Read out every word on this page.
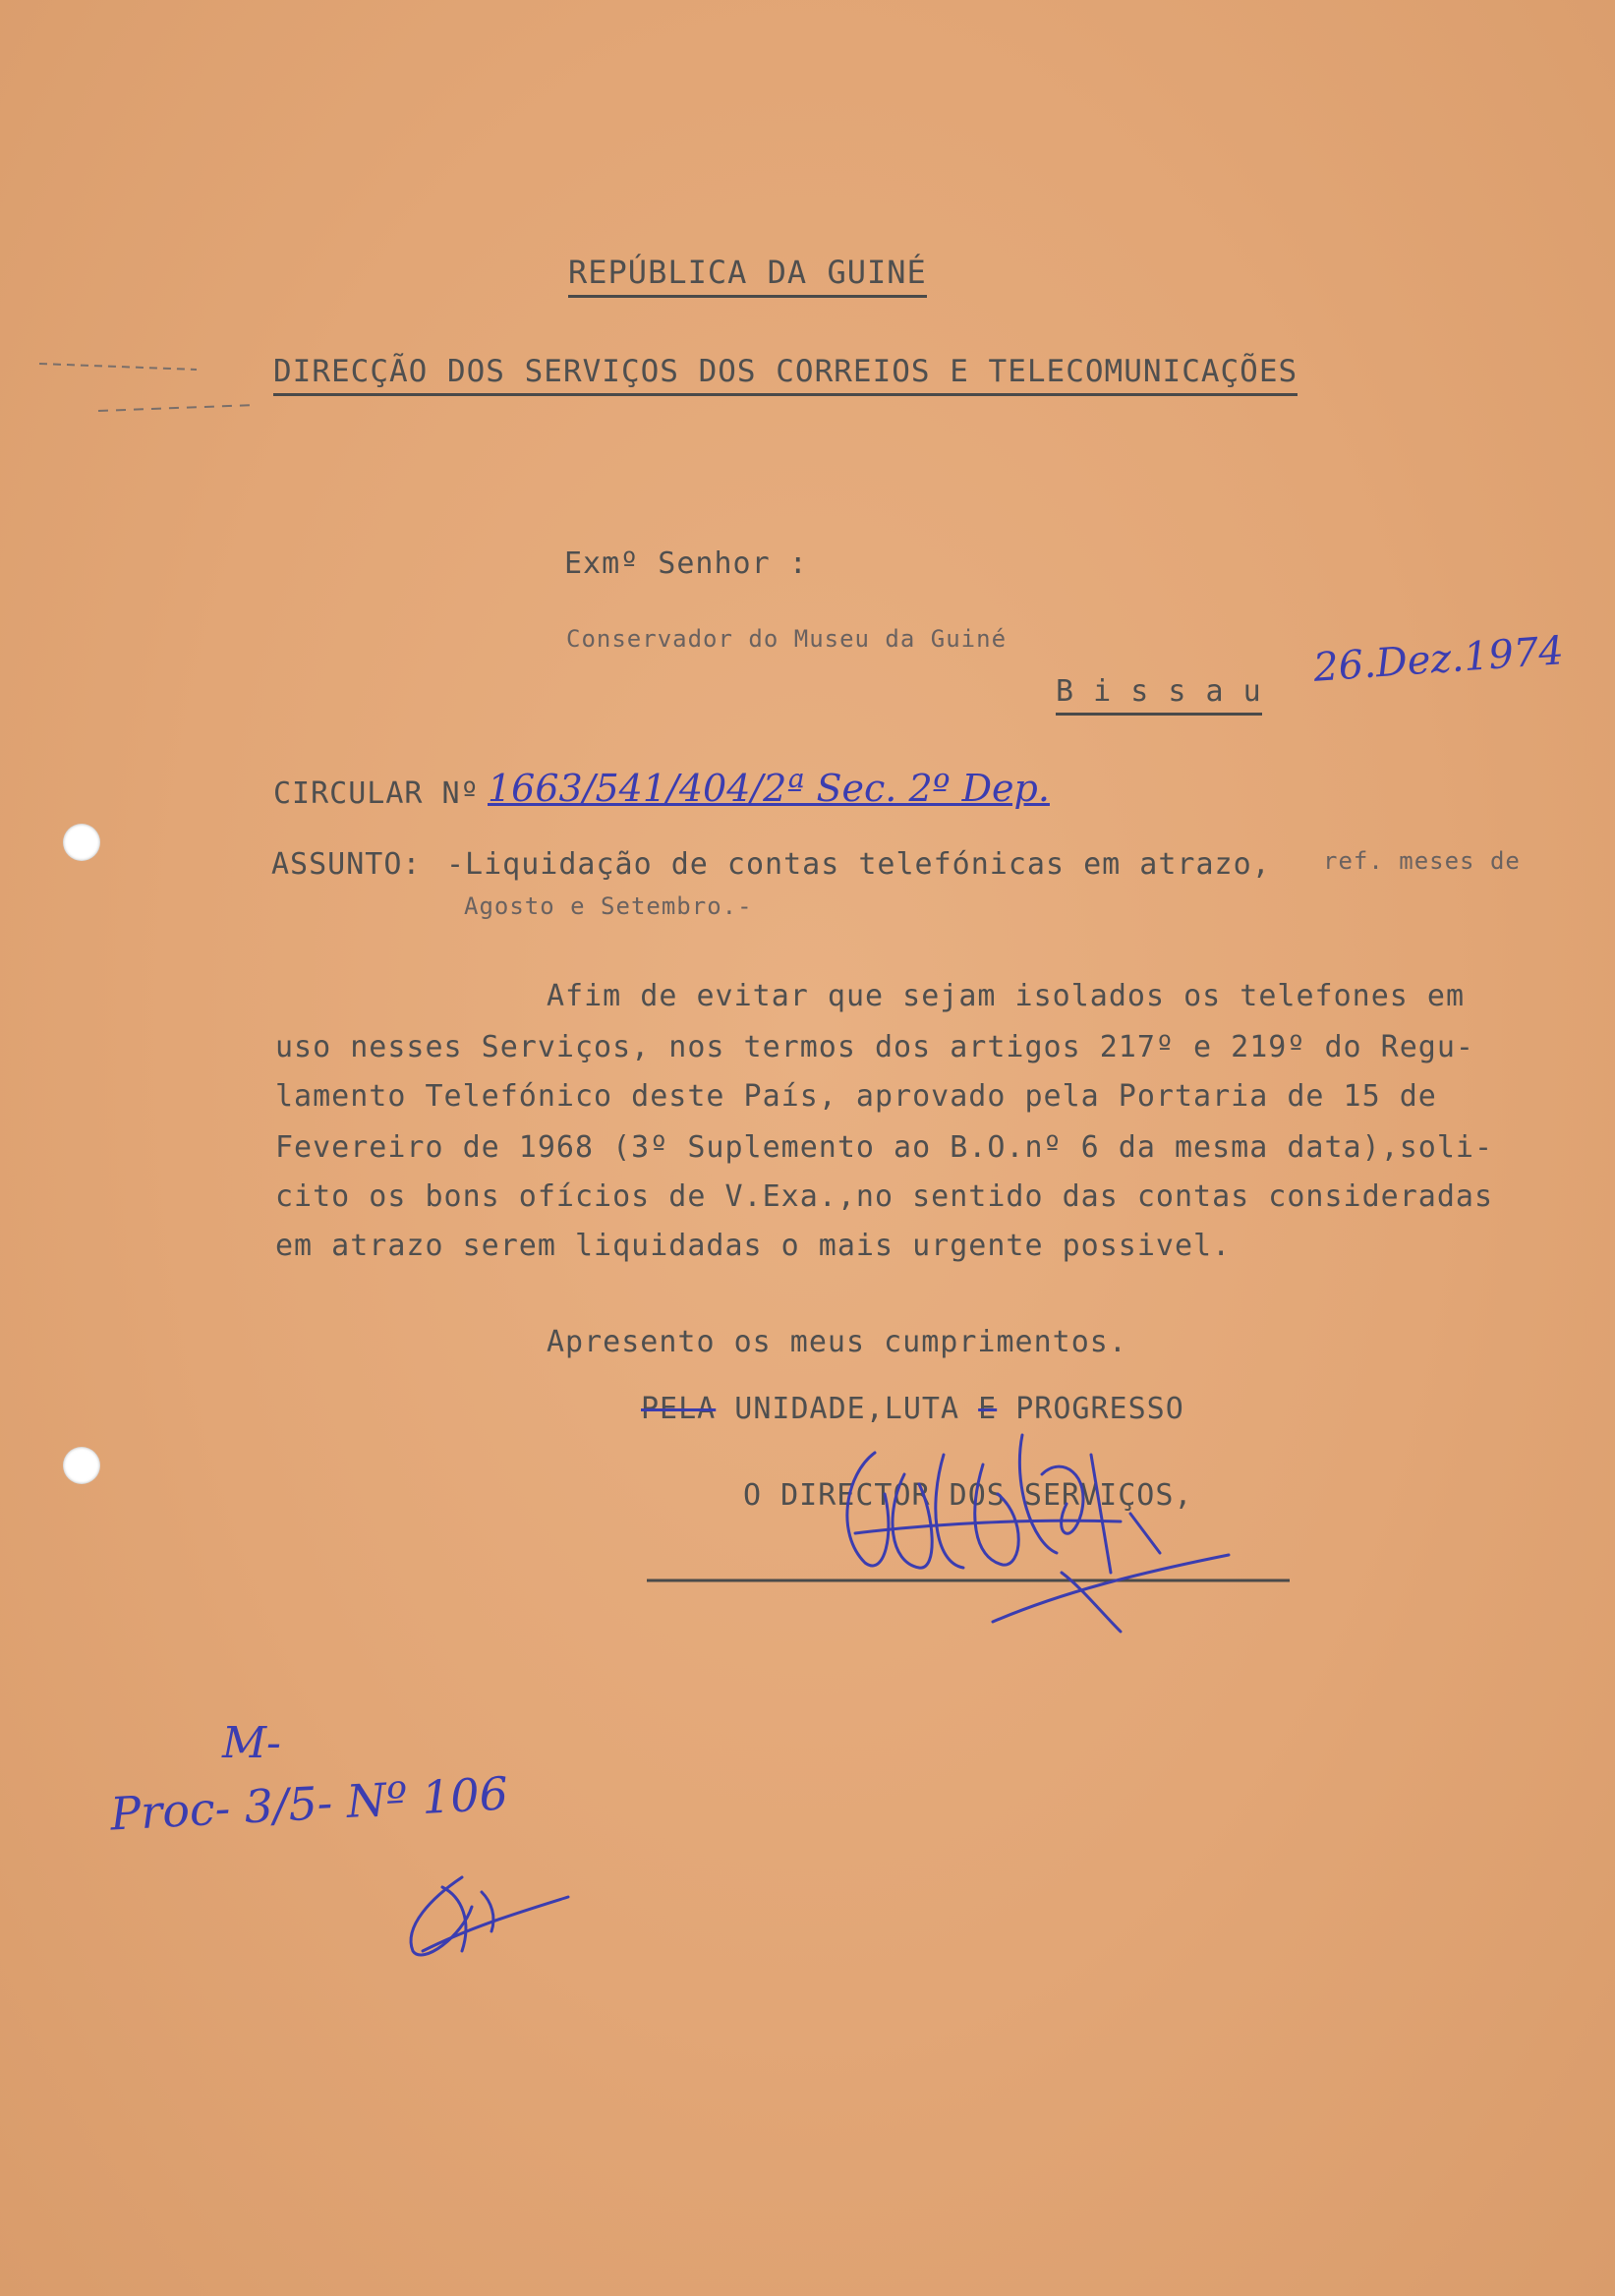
REPÚBLICA DA GUINÉ
DIRECÇÃO DOS SERVIÇOS DOS CORREIOS E TELECOMUNICAÇÕES
Exmº Senhor :
Conservador do Museu da Guiné
B i s s a u
26.Dez.1974
CIRCULAR Nº 1663/541/404/2ª Sec. 2º Dep.
ASSUNTO: -Liquidação de contas telefónicas em atrazo, ref. meses de
Agosto e Setembro.-
Afim de evitar que sejam isolados os telefones em
uso nesses Serviços, nos termos dos artigos 217º e 219º do Regu-
lamento Telefónico deste País, aprovado pela Portaria de 15 de
Fevereiro de 1968 (3º Suplemento ao B.O.nº 6 da mesma data),soli-
cito os bons ofícios de V.Exa.,no sentido das contas consideradas
em atrazo serem liquidadas o mais urgente possivel.
Apresento os meus cumprimentos.
PELA UNIDADE,LUTA E PROGRESSO
O DIRECTOR DOS SERVIÇOS,
M-
Proc- 3/5- Nº 106
